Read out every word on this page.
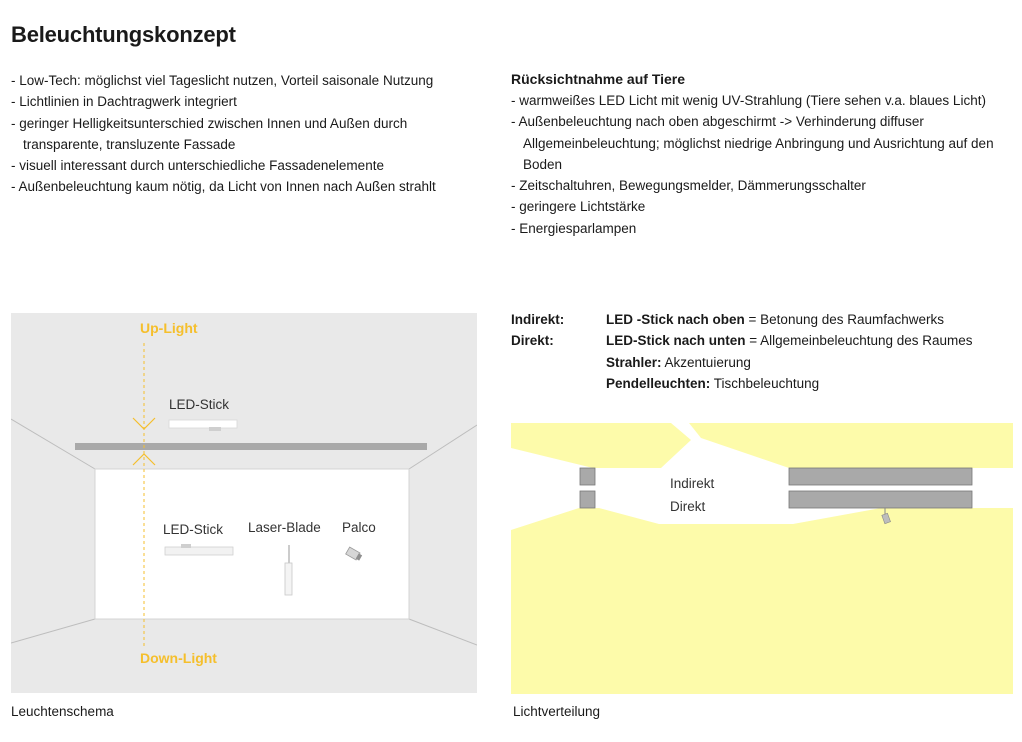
Beleuchtungskonzept
- Low-Tech: möglichst viel Tageslicht nutzen, Vorteil saisonale Nutzung
- Lichtlinien in Dachtragwerk integriert
- geringer Helligkeitsunterschied zwischen Innen und Außen durch transparente, transluzente Fassade
- visuell interessant durch unterschiedliche Fassadenelemente
- Außenbeleuchtung kaum nötig, da Licht von Innen nach Außen strahlt
Rücksichtnahme auf Tiere
- warmweißes LED Licht mit wenig UV-Strahlung (Tiere sehen v.a. blaues Licht)
- Außenbeleuchtung nach oben abgeschirmt -> Verhinderung diffuser Allgemeinbeleuchtung; möglichst niedrige Anbringung und Ausrichtung auf den Boden
- Zeitschaltuhren, Bewegungsmelder, Dämmerungsschalter
- geringere Lichtstärke
- Energiesparlampen
Indirekt:	LED -Stick nach oben = Betonung des Raumfachwerks
Direkt:	LED-Stick nach unten = Allgemeinbeleuchtung des Raumes
Strahler: Akzentuierung
Pendelleuchten: Tischbeleuchtung
Up-Light
Down-Light
LED-Stick
LED-Stick Laser-Blade Palco
Leuchtenschema
Indirekt
Direkt
Lichtverteilung
